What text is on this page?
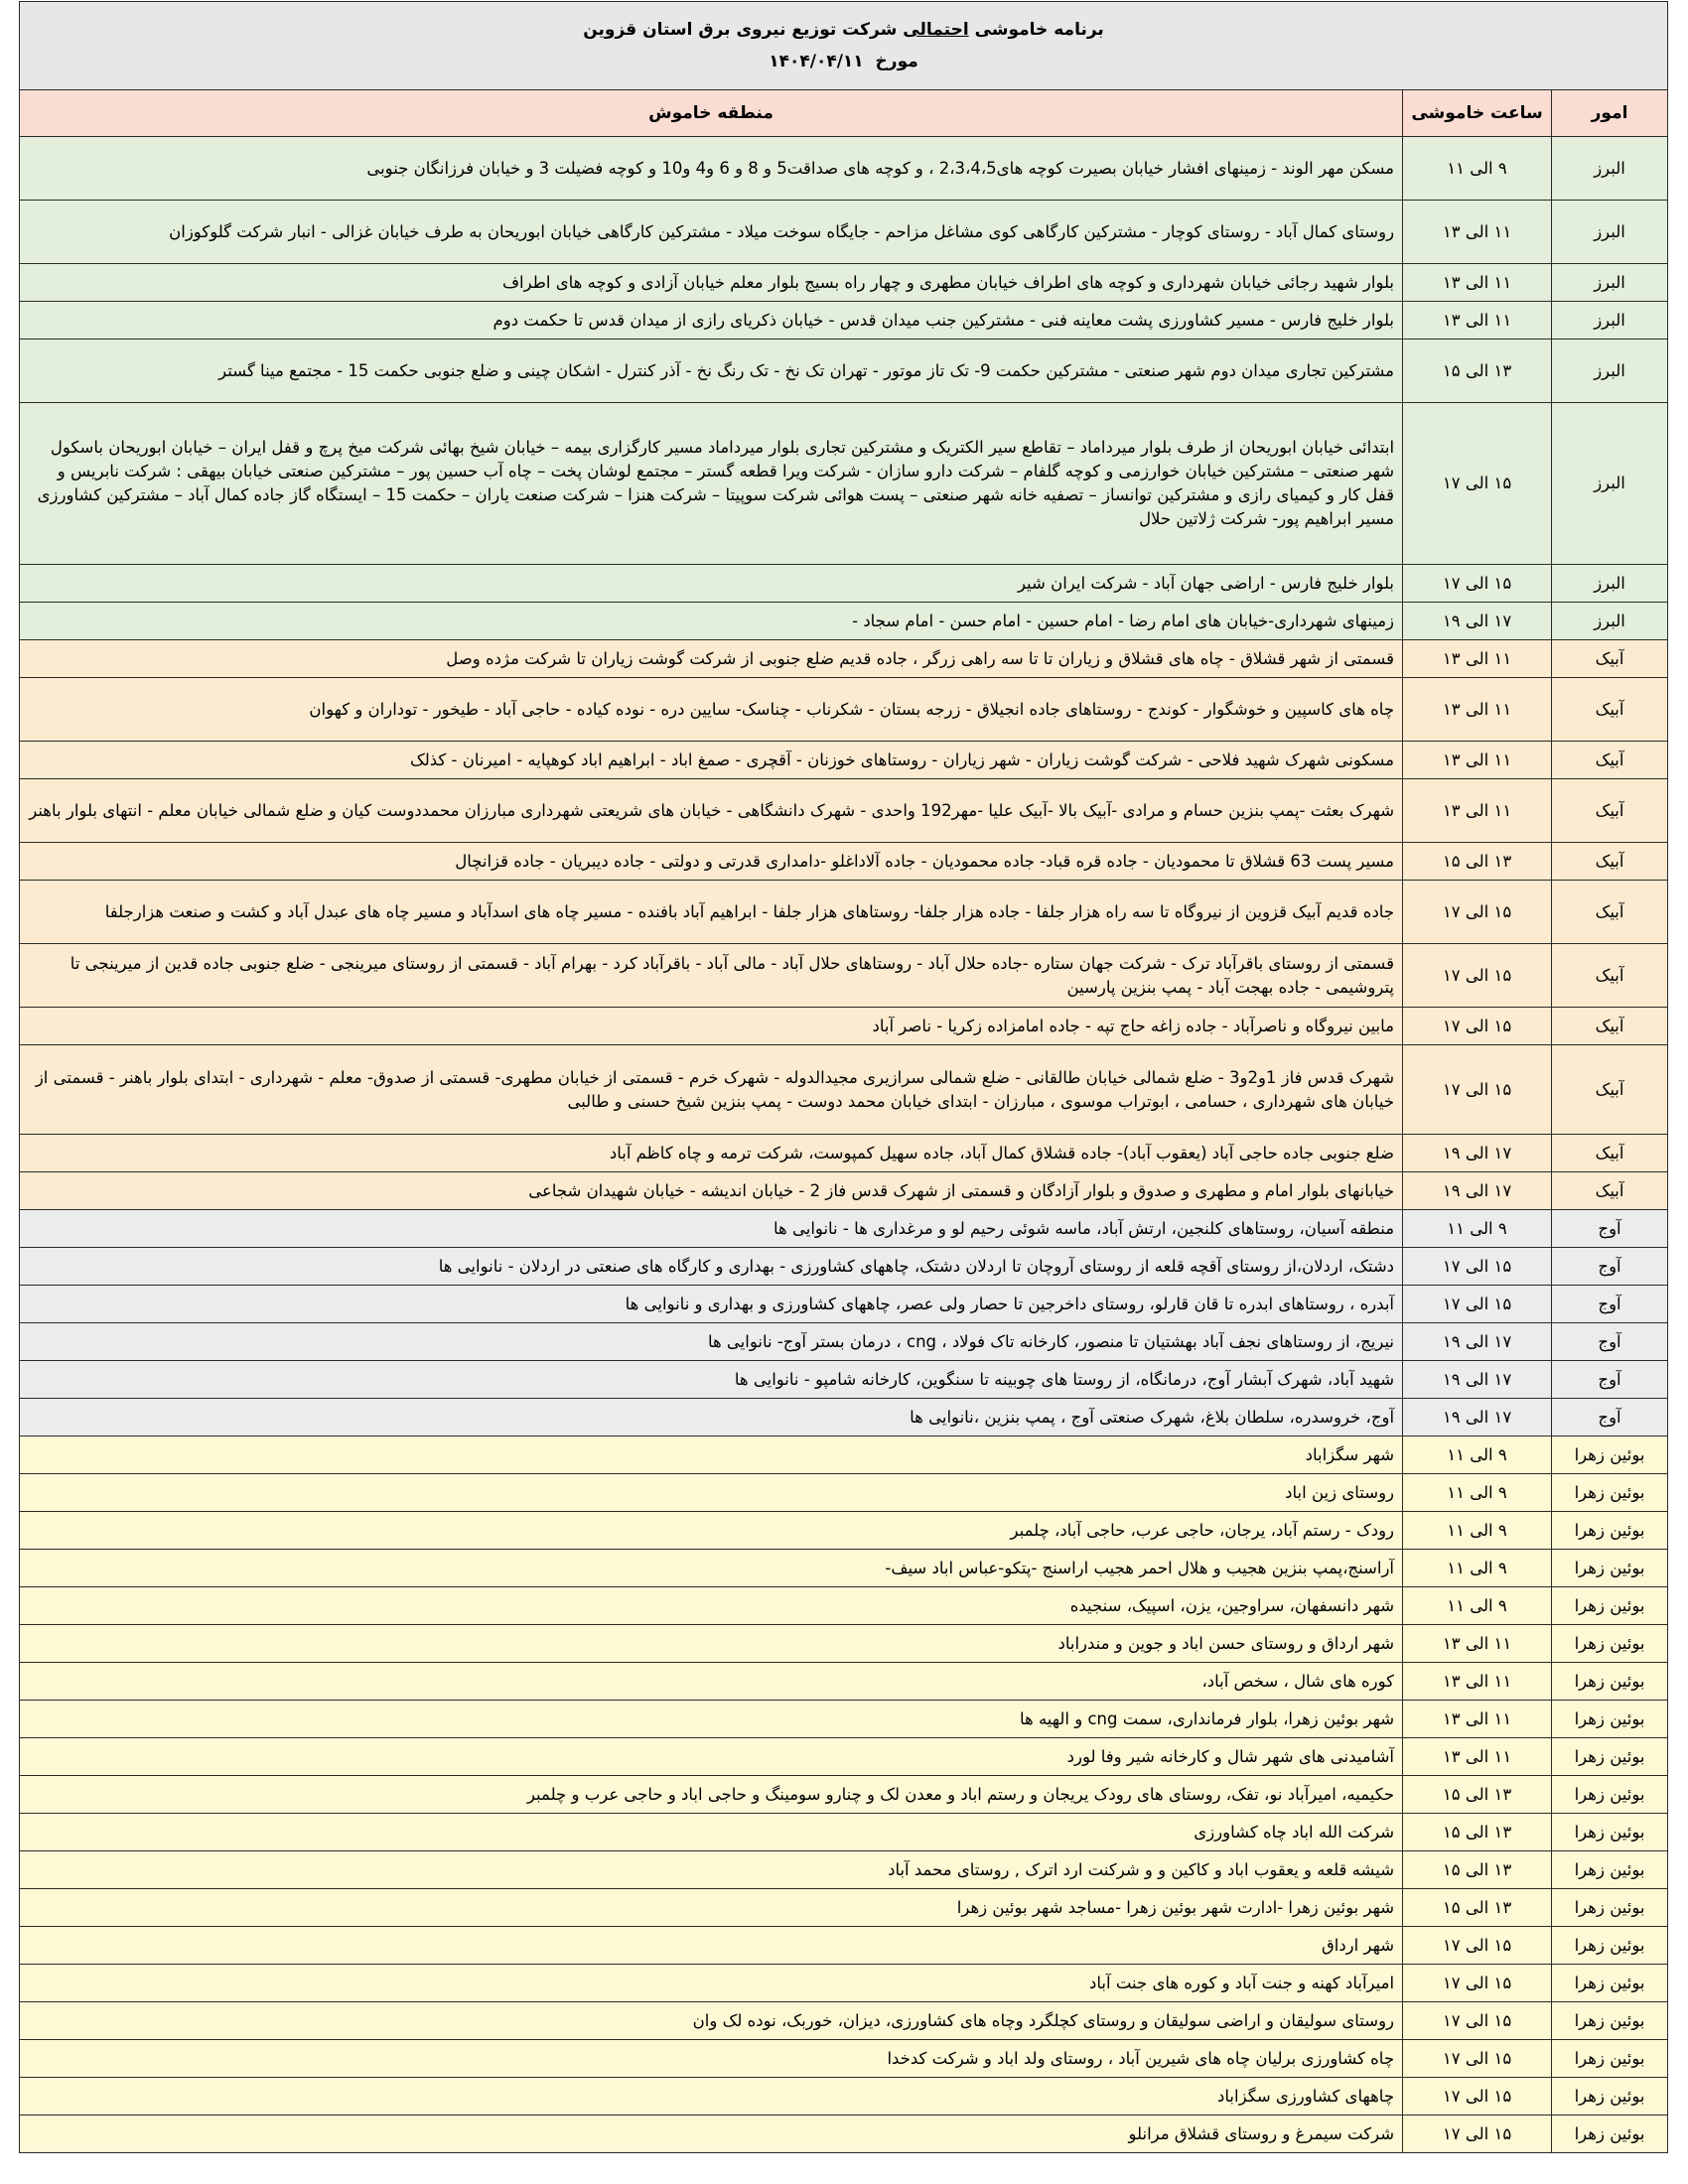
برنامه خاموشی احتمالی شرکت توزیع نیروی برق استان قزوین
مورخ  ۱۴۰۴/۰۴/۱۱		

امور	ساعت خاموشی	منطقه خاموش
البرز	۹ الی ۱۱	مسکن مهر الوند - زمینهای افشار خیابان بصیرت کوچه های2،3،4،5 ، و کوچه های صداقت5 و 8 و 6 و4 و10 و کوچه فضیلت 3 و خیابان فرزانگان جنوبی
البرز	۱۱ الی ۱۳	روستای کمال آباد - روستای کوچار - مشترکین کارگاهی کوی مشاغل مزاحم - جایگاه سوخت میلاد - مشترکین کارگاهی خیابان ابوریحان به طرف خیابان غزالی - انبار شرکت گلوکوزان
البرز	۱۱ الی ۱۳	بلوار شهید رجائی خیابان شهرداری و کوچه های اطراف خیابان مطهری و چهار راه بسیج بلوار معلم خیابان آزادی و کوچه های اطراف
البرز	۱۱ الی ۱۳	بلوار خلیج فارس - مسیر کشاورزی پشت معاینه فنی - مشترکین جنب میدان قدس - خیابان ذکریای رازی از میدان قدس تا حکمت دوم
البرز	۱۳ الی ۱۵	مشترکین تجاری میدان دوم شهر صنعتی - مشترکین حکمت 9- تک تاز موتور - تهران تک نخ - تک رنگ نخ - آذر کنترل - اشکان چینی و ضلع جنوبی حکمت 15 - مجتمع مینا گستر
البرز	۱۵ الی ۱۷	ابتدائی خیابان ابوریحان از طرف بلوار میرداماد – تقاطع سیر الکتریک و مشترکین تجاری بلوار میرداماد مسیر کارگزاری بیمه – خیابان شیخ بهائی شرکت میخ پرچ و قفل ایران – خیابان ابوریحان باسکول شهر صنعتی – مشترکین خیابان خوارزمی و کوچه گلفام – شرکت دارو سازان - شرکت ویرا قطعه گستر – مجتمع لوشان پخت – چاه آب حسین پور – مشترکین صنعتی خیابان بیهقی : شرکت نابریس و قفل کار و کیمیای رازی و مشترکین توانساز – تصفیه خانه شهر صنعتی – پست هوائی شرکت سوپیتا – شرکت هنزا – شرکت صنعت یاران – حکمت 15 – ایستگاه گاز جاده کمال آباد – مشترکین کشاورزی مسیر ابراهیم پور- شرکت ژلاتین حلال
البرز	۱۵ الی ۱۷	بلوار خلیج فارس - اراضی جهان آباد - شرکت ایران شیر
البرز	۱۷ الی ۱۹	زمینهای شهرداری-خیابان های امام رضا - امام حسین - امام حسن - امام سجاد -
آبیک	۱۱ الی ۱۳	قسمتی از شهر قشلاق - چاه های قشلاق و زیاران تا تا سه راهی زرگر ، جاده قدیم ضلع جنوبی از شرکت گوشت زیاران تا شرکت مژده وصل
آبیک	۱۱ الی ۱۳	چاه های کاسپین و خوشگوار - کوندج - روستاهای جاده انجیلاق - زرجه بستان - شکرناب - چناسک- سایین دره - نوده کیاده - حاجی آباد - طیخور - توداران و کهوان
آبیک	۱۱ الی ۱۳	مسکونی شهرک شهید فلاحی - شرکت گوشت زیاران - شهر زیاران - روستاهای خوزنان - آقچری - صمغ اباد - ابراهیم اباد کوهپایه - امیرنان - کذلک
آبیک	۱۱ الی ۱۳	شهرک بعثت -پمپ بنزین حسام و مرادی -آبیک بالا -آبیک علیا -مهر192 واحدی - شهرک دانشگاهی - خیابان های شریعتی شهرداری مبارزان محمددوست کیان و ضلع شمالی خیابان معلم - انتهای بلوار باهنر
آبیک	۱۳ الی ۱۵	مسیر پست 63 قشلاق تا محمودیان - جاده قره قباد- جاده محمودیان - جاده آلاداغلو -دامداری قدرتی و دولتی - جاده دیبریان - جاده قزانچال
آبیک	۱۵ الی ۱۷	جاده قدیم آبیک قزوین از نیروگاه تا سه راه هزار جلفا - جاده هزار جلفا- روستاهای هزار جلفا - ابراهیم آباد بافنده - مسیر چاه های اسدآباد و مسیر چاه های عبدل آباد و کشت و صنعت هزارجلفا
آبیک	۱۵ الی ۱۷	قسمتی از روستای باقرآباد ترک - شرکت جهان ستاره -جاده حلال آباد - روستاهای حلال آباد - مالی آباد - باقرآباد کرد - بهرام آباد - قسمتی از روستای میرینجی - ضلع جنوبی جاده قدین از میرینجی تا پتروشیمی - جاده بهجت آباد - پمپ بنزین پارسین
آبیک	۱۵ الی ۱۷	مابین نیروگاه و ناصرآباد - جاده زاغه حاج تپه - جاده امامزاده زکریا - ناصر آباد
آبیک	۱۵ الی ۱۷	شهرک قدس فاز 1و2و3 - ضلع شمالی خیابان طالقانی - ضلع شمالی سرازیری مجیدالدوله - شهرک خرم - قسمتی از خیابان مطهری- قسمتی از صدوق- معلم - شهرداری - ابتدای بلوار باهنر - قسمتی از خیابان های شهرداری ، حسامی ، ابوتراب موسوی ، مبارزان - ابتدای خیابان محمد دوست - پمپ بنزین شیخ حسنی و طالبی
آبیک	۱۷ الی ۱۹	ضلع جنوبی جاده حاجی آباد (یعقوب آباد)- جاده قشلاق کمال آباد، جاده سهیل کمپوست، شرکت ترمه و چاه کاظم آباد
آبیک	۱۷ الی ۱۹	خیابانهای بلوار امام و مطهری و صدوق و بلوار آزادگان و قسمتی از شهرک قدس فاز 2 - خیابان اندیشه - خیابان شهیدان شجاعی
آوج	۹ الی ۱۱	منطقه آسیان، روستاهای کلنجین، ارتش آباد، ماسه شوئی رحیم لو و مرغداری ها - نانوایی ها
آوج	۱۵ الی ۱۷	دشتک، اردلان،از روستای آقچه قلعه از روستای آروچان تا اردلان دشتک، چاههای کشاورزی - بهداری و کارگاه های صنعتی در اردلان - نانوایی ها
آوج	۱۵ الی ۱۷	آبدره ، روستاهای ابدره تا قان قارلو، روستای داخرجین تا حصار ولی عصر، چاههای کشاورزی و بهداری و نانوایی ها
آوج	۱۷ الی ۱۹	نیریج، از روستاهای نجف آباد بهشتیان تا منصور، کارخانه تاک فولاد ، cng ، درمان بستر آوج- نانوایی ها
آوج	۱۷ الی ۱۹	شهید آباد، شهرک آبشار آوج، درمانگاه، از روستا های چوبینه تا سنگوین، کارخانه شامپو - نانوایی ها
آوج	۱۷ الی ۱۹	آوج، خروسدره، سلطان بلاغ، شهرک صنعتی آوج ، پمپ بنزین ،نانوایی ها
بوئین زهرا	۹ الی ۱۱	شهر سگزاباد
بوئین زهرا	۹ الی ۱۱	روستای زین اباد
بوئین زهرا	۹ الی ۱۱	رودک - رستم آباد، یرجان، حاجی عرب، حاجی آباد، چلمبر
بوئین زهرا	۹ الی ۱۱	آراسنج،پمپ بنزین هجیب و هلال احمر هجیب اراسنج -پتکو-عباس اباد سیف-
بوئین زهرا	۹ الی ۱۱	شهر دانسفهان، سراوجین، یزن، اسپیک، سنجیده
بوئین زهرا	۱۱ الی ۱۳	شهر ارداق و روستای حسن اباد و جوین و مندراباد
بوئین زهرا	۱۱ الی ۱۳	کوره های شال ، سخص آباد،
بوئین زهرا	۱۱ الی ۱۳	شهر بوئین زهرا، بلوار فرمانداری، سمت cng و الهیه ها
بوئین زهرا	۱۱ الی ۱۳	آشامیدنی های شهر شال و کارخانه شیر وفا لورد
بوئین زهرا	۱۳ الی ۱۵	حکیمیه، امیرآباد نو، تفک، روستای های رودک یریجان و رستم اباد و معدن لک و چنارو سومینگ و حاجی اباد و حاجی عرب و چلمبر
بوئین زهرا	۱۳ الی ۱۵	شرکت الله اباد چاه کشاورزی
بوئین زهرا	۱۳ الی ۱۵	شیشه قلعه و یعقوب اباد و کاکین و و شرکنت ارد اترک , روستای محمد آباد
بوئین زهرا	۱۳ الی ۱۵	شهر بوئین زهرا -ادارت شهر بوئین زهرا -مساجد شهر بوئین زهرا
بوئین زهرا	۱۵ الی ۱۷	شهر ارداق
بوئین زهرا	۱۵ الی ۱۷	امیرآباد کهنه و جنت آباد و کوره های جنت آباد
بوئین زهرا	۱۵ الی ۱۷	روستای سولیقان و اراضی سولیقان و روستای کچلگرد وچاه های کشاورزی، دیزان، خوربک، نوده لک وان
بوئین زهرا	۱۵ الی ۱۷	چاه کشاورزی برلیان چاه های شیرین آباد ، روستای ولد اباد و شرکت کدخدا
بوئین زهرا	۱۵ الی ۱۷	چاههای کشاورزی سگزاباد
بوئین زهرا	۱۵ الی ۱۷	شرکت سیمرغ و روستای قشلاق مرانلو
